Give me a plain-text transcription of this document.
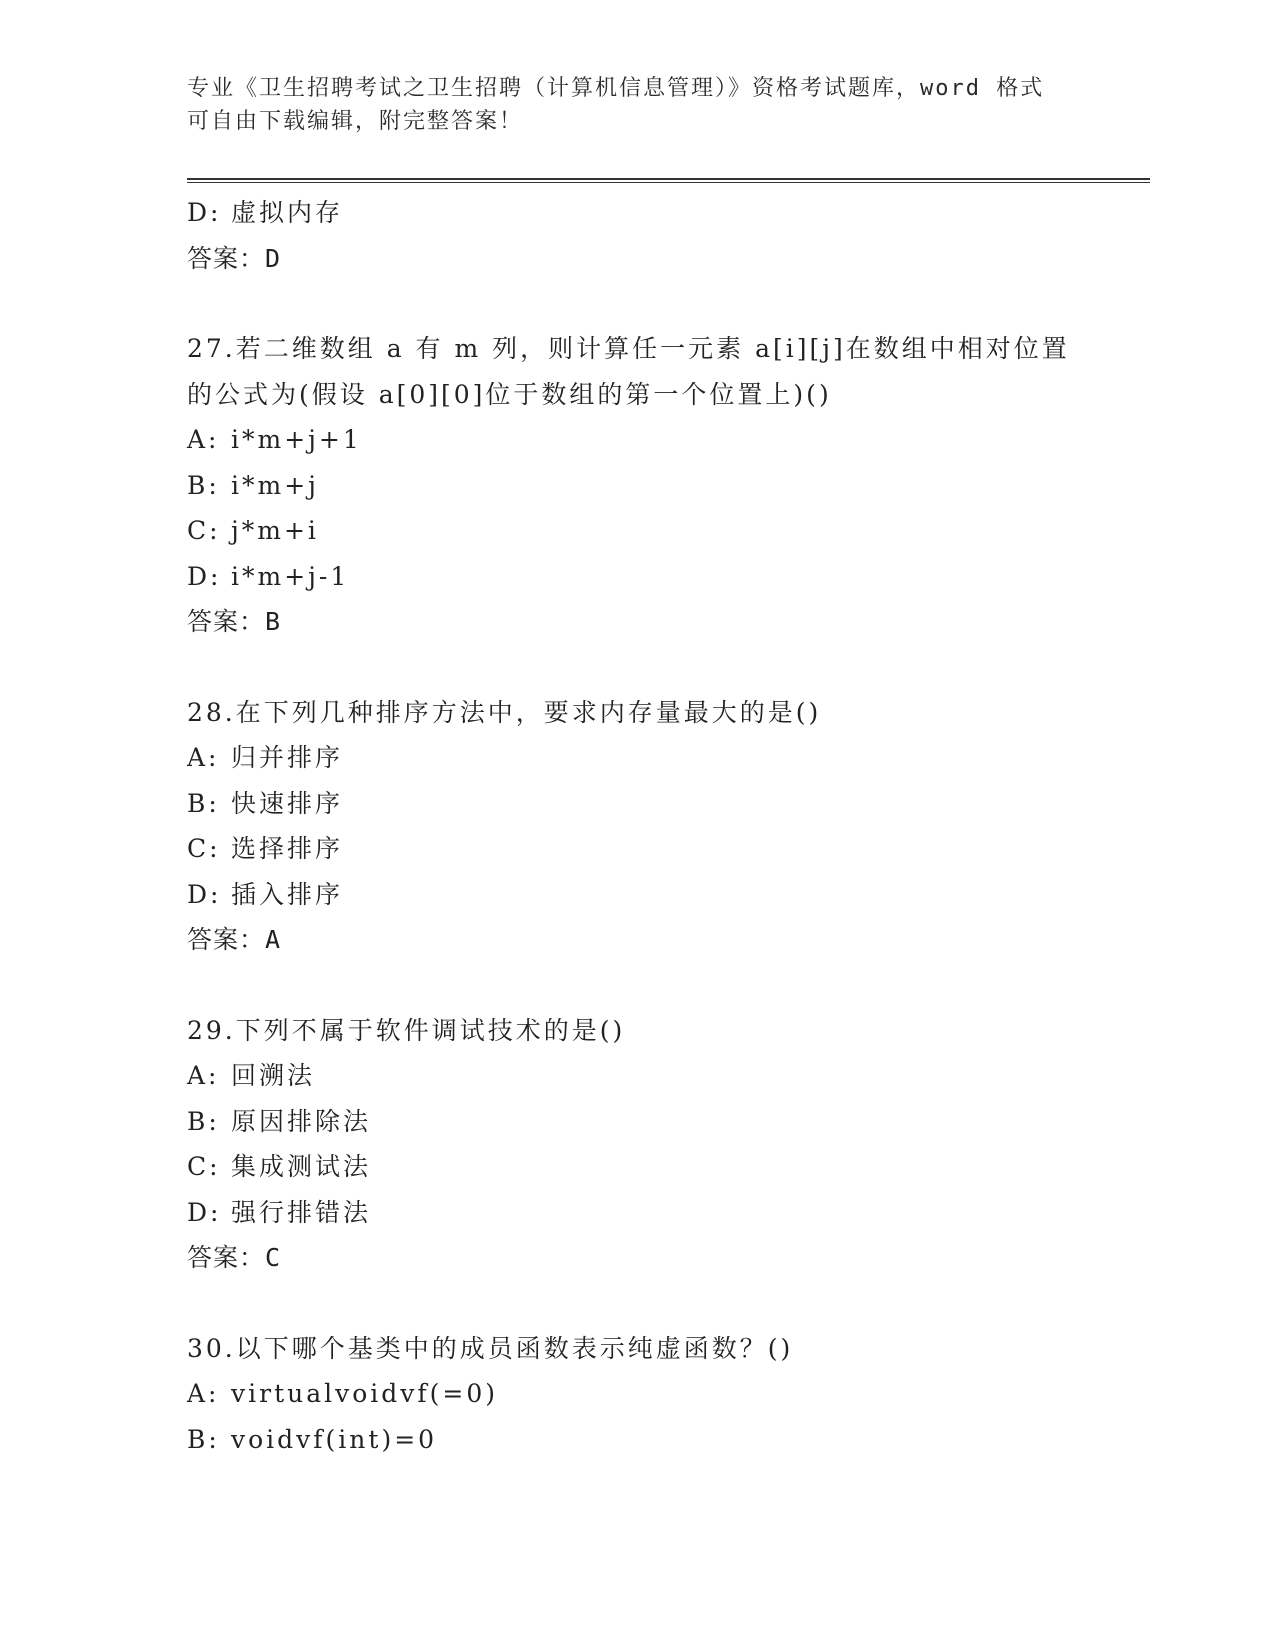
专业《卫生招聘考试之卫生招聘（计算机信息管理）》资格考试题库，word 格式
可自由下载编辑，附完整答案！
D: 虚拟内存
答案：D
27.若二维数组 a 有 m 列，则计算任一元素 a[i][j]在数组中相对位置
的公式为(假设 a[0][0]位于数组的第一个位置上)()
A: i*m+j+1
B: i*m+j
C: j*m+i
D: i*m+j-1
答案：B
28.在下列几种排序方法中，要求内存量最大的是()
A: 归并排序
B: 快速排序
C: 选择排序
D: 插入排序
答案：A
29.下列不属于软件调试技术的是()
A: 回溯法
B: 原因排除法
C: 集成测试法
D: 强行排错法
答案：C
30.以下哪个基类中的成员函数表示纯虚函数？()
A: virtualvoidvf(=0)
B: voidvf(int)=0
